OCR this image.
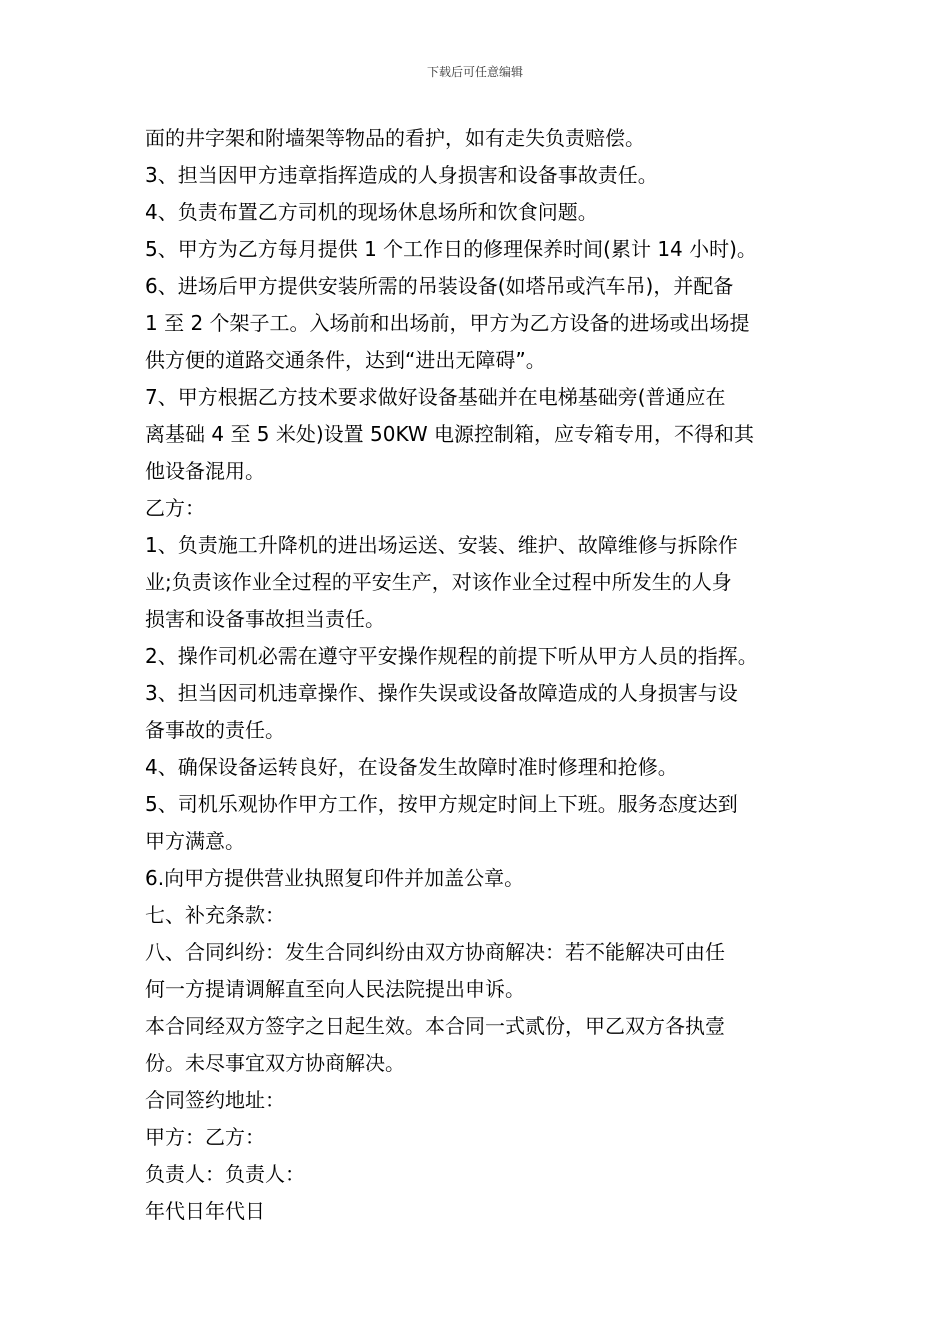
下载后可任意编辑
面的井字架和附墙架等物品的看护，如有走失负责赔偿。
3、担当因甲方违章指挥造成的人身损害和设备事故责任。
4、负责布置乙方司机的现场休息场所和饮食问题。
5、甲方为乙方每月提供 1 个工作日的修理保养时间(累计 14 小时)。
6、进场后甲方提供安装所需的吊装设备(如塔吊或汽车吊)，并配备
1 至 2 个架子工。入场前和出场前，甲方为乙方设备的进场或出场提
供方便的道路交通条件，达到“进出无障碍”。
7、甲方根据乙方技术要求做好设备基础并在电梯基础旁(普通应在
离基础 4 至 5 米处)设置 50KW 电源控制箱，应专箱专用，不得和其
他设备混用。
乙方：
1、负责施工升降机的进出场运送、安装、维护、故障维修与拆除作
业;负责该作业全过程的平安生产，对该作业全过程中所发生的人身
损害和设备事故担当责任。
2、操作司机必需在遵守平安操作规程的前提下听从甲方人员的指挥。
3、担当因司机违章操作、操作失误或设备故障造成的人身损害与设
备事故的责任。
4、确保设备运转良好，在设备发生故障时准时修理和抢修。
5、司机乐观协作甲方工作，按甲方规定时间上下班。服务态度达到
甲方满意。
6.向甲方提供营业执照复印件并加盖公章。
七、补充条款：
八、合同纠纷：发生合同纠纷由双方协商解决：若不能解决可由任
何一方提请调解直至向人民法院提出申诉。
本合同经双方签字之日起生效。本合同一式贰份，甲乙双方各执壹
份。未尽事宜双方协商解决。
合同签约地址：
甲方：乙方：
负责人：负责人：
年代日年代日
